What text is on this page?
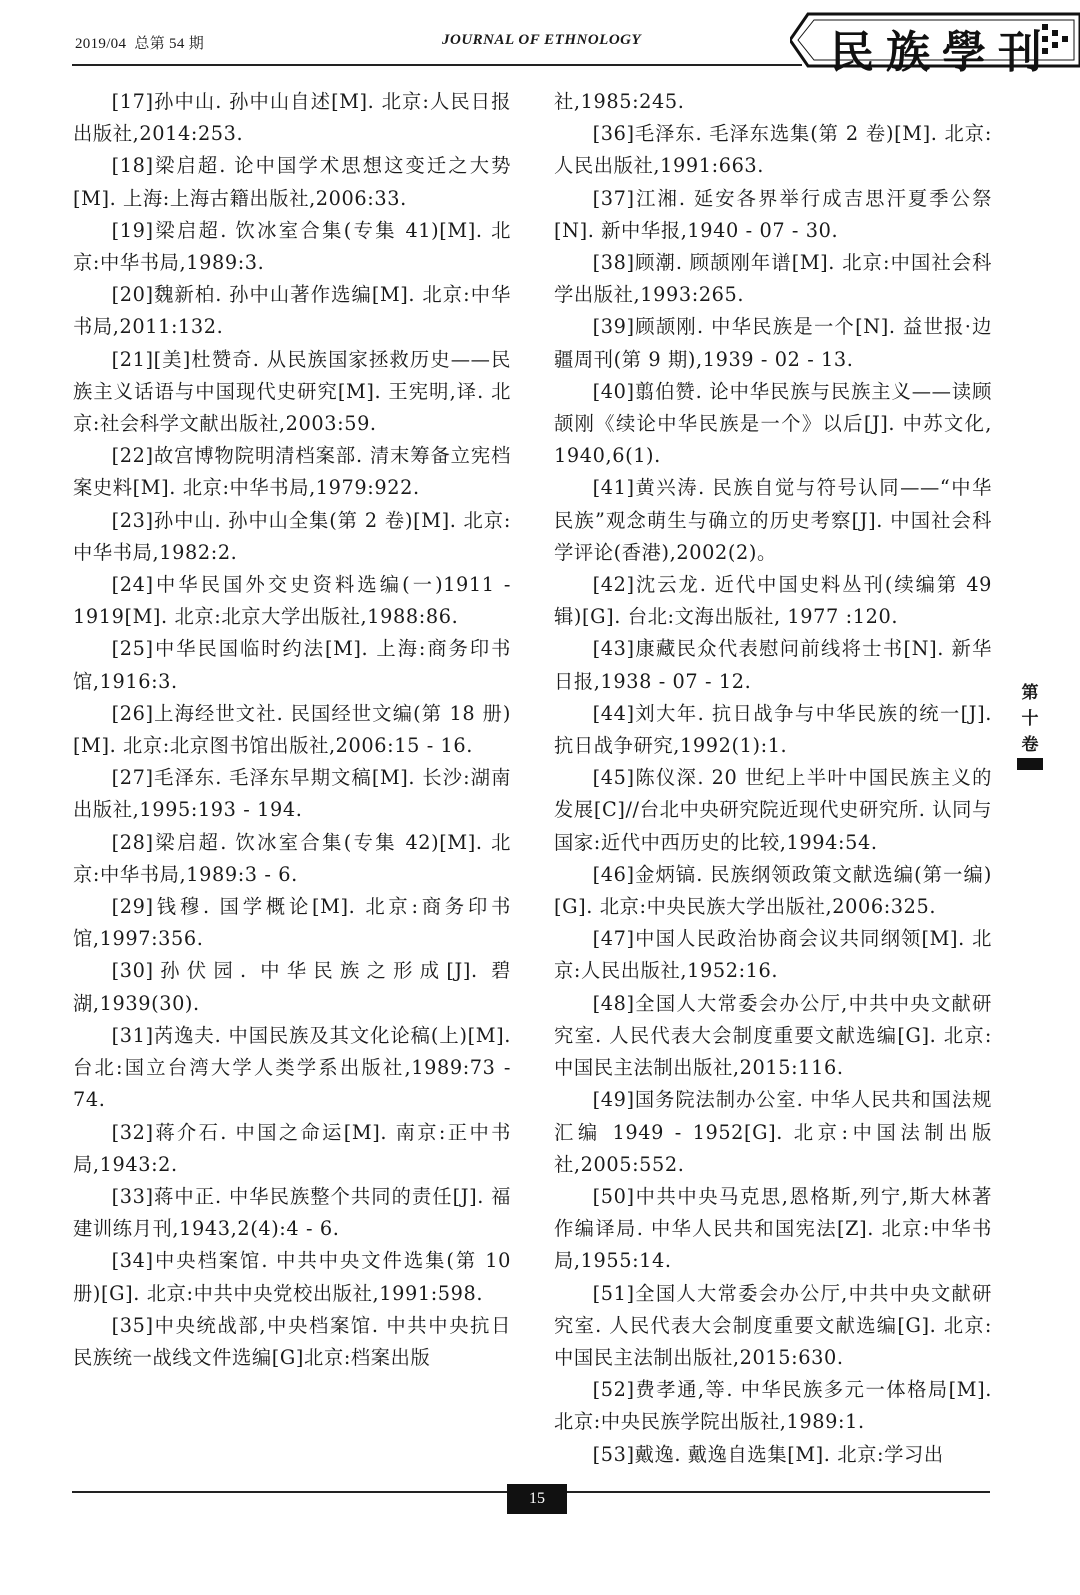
2019/04 总第 54 期	JOURNAL OF ETHNOLOGY	民族學刊
[17]孙中山. 孙中山自述[M]. 北京:人民日报出版社,2014:253.
[18]梁启超. 论中国学术思想这变迁之大势[M]. 上海:上海古籍出版社,2006:33.
[19]梁启超. 饮冰室合集(专集 41)[M]. 北京:中华书局,1989:3.
[20]魏新柏. 孙中山著作选编[M]. 北京:中华书局,2011:132.
[21][美]杜赞奇. 从民族国家拯救历史——民族主义话语与中国现代史研究[M]. 王宪明,译. 北京:社会科学文献出版社,2003:59.
[22]故宫博物院明清档案部. 清末筹备立宪档案史料[M]. 北京:中华书局,1979:922.
[23]孙中山. 孙中山全集(第 2 卷)[M]. 北京:中华书局,1982:2.
[24]中华民国外交史资料选编(一)1911 - 1919[M]. 北京:北京大学出版社,1988:86.
[25]中华民国临时约法[M]. 上海:商务印书馆,1916:3.
[26]上海经世文社. 民国经世文编(第 18 册)[M]. 北京:北京图书馆出版社,2006:15 - 16.
[27]毛泽东. 毛泽东早期文稿[M]. 长沙:湖南出版社,1995:193 - 194.
[28]梁启超. 饮冰室合集(专集 42)[M]. 北京:中华书局,1989:3 - 6.
[29]钱穆. 国学概论[M]. 北京:商务印书馆,1997:356.
[30]孙伏园. 中华民族之形成[J]. 碧湖,1939(30).
[31]芮逸夫. 中国民族及其文化论稿(上)[M]. 台北:国立台湾大学人类学系出版社,1989:73 - 74.
[32]蒋介石. 中国之命运[M]. 南京:正中书局,1943:2.
[33]蒋中正. 中华民族整个共同的责任[J]. 福建训练月刊,1943,2(4):4 - 6.
[34]中央档案馆. 中共中央文件选集(第 10 册)[G]. 北京:中共中央党校出版社,1991:598.
[35]中央统战部,中央档案馆. 中共中央抗日民族统一战线文件选编[G]北京:档案出版
社,1985:245.
[36]毛泽东. 毛泽东选集(第 2 卷)[M]. 北京:人民出版社,1991:663.
[37]江湘. 延安各界举行成吉思汗夏季公祭[N]. 新中华报,1940 - 07 - 30.
[38]顾潮. 顾颉刚年谱[M]. 北京:中国社会科学出版社,1993:265.
[39]顾颉刚. 中华民族是一个[N]. 益世报·边疆周刊(第 9 期),1939 - 02 - 13.
[40]翦伯赞. 论中华民族与民族主义——读顾颉刚《续论中华民族是一个》以后[J]. 中苏文化, 1940,6(1).
[41]黄兴涛. 民族自觉与符号认同——“中华民族”观念萌生与确立的历史考察[J]. 中国社会科学评论(香港),2002(2)。
[42]沈云龙. 近代中国史料丛刊(续编第 49 辑)[G]. 台北:文海出版社, 1977 :120.
[43]康藏民众代表慰问前线将士书[N]. 新华日报,1938 - 07 - 12.
[44]刘大年. 抗日战争与中华民族的统一[J]. 抗日战争研究,1992(1):1.
[45]陈仪深. 20 世纪上半叶中国民族主义的发展[C]//台北中央研究院近现代史研究所. 认同与国家:近代中西历史的比较,1994:54.
[46]金炳镐. 民族纲领政策文献选编(第一编)[G]. 北京:中央民族大学出版社,2006:325.
[47]中国人民政治协商会议共同纲领[M]. 北京:人民出版社,1952:16.
[48]全国人大常委会办公厅,中共中央文献研究室. 人民代表大会制度重要文献选编[G]. 北京:中国民主法制出版社,2015:116.
[49]国务院法制办公室. 中华人民共和国法规汇编 1949 - 1952[G]. 北京:中国法制出版社,2005:552.
[50]中共中央马克思,恩格斯,列宁,斯大林著作编译局. 中华人民共和国宪法[Z]. 北京:中华书局,1955:14.
[51]全国人大常委会办公厅,中共中央文献研究室. 人民代表大会制度重要文献选编[G]. 北京:中国民主法制出版社,2015:630.
[52]费孝通,等. 中华民族多元一体格局[M]. 北京:中央民族学院出版社,1989:1.
[53]戴逸. 戴逸自选集[M]. 北京:学习出
第
十
卷
15
